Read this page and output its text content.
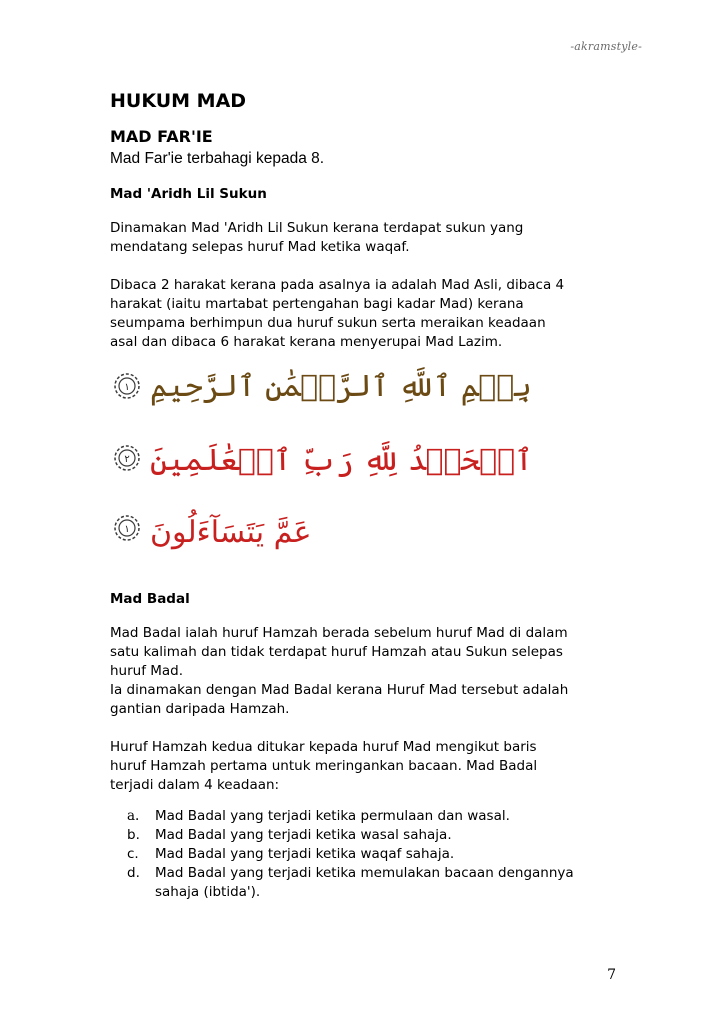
-akramstyle-
HUKUM MAD
MAD FAR'IE
Mad Far'ie terbahagi kepada 8.
Mad 'Aridh Lil Sukun
Dinamakan Mad 'Aridh Lil Sukun kerana terdapat sukun yang
mendatang selepas huruf Mad ketika waqaf.
Dibaca 2 harakat kerana pada asalnya ia adalah Mad Asli, dibaca 4
harakat (iaitu martabat pertengahan bagi kadar Mad) kerana
seumpama berhimpun dua huruf sukun serta meraikan keadaan
asal dan dibaca 6 harakat kerana menyerupai Mad Lazim.
١ بِسۡمِ ٱللَّهِ ٱلرَّحۡمَٰنِ ٱلرَّحِيمِ
٢ ٱلۡحَمۡدُ لِلَّهِ رَبِّ ٱلۡعَٰلَمِينَ
١ عَمَّ يَتَسَآءَلُونَ
Mad Badal
Mad Badal ialah huruf Hamzah berada sebelum huruf Mad di dalam
satu kalimah dan tidak terdapat huruf Hamzah atau Sukun selepas
huruf Mad.
Ia dinamakan dengan Mad Badal kerana Huruf Mad tersebut adalah
gantian daripada Hamzah.
Huruf Hamzah kedua ditukar kepada huruf Mad mengikut baris
huruf Hamzah pertama untuk meringankan bacaan. Mad Badal
terjadi dalam 4 keadaan:
a.	Mad Badal yang terjadi ketika permulaan dan wasal.
b.	Mad Badal yang terjadi ketika wasal sahaja.
c.	Mad Badal yang terjadi ketika waqaf sahaja.
d.	Mad Badal yang terjadi ketika memulakan bacaan dengannya
sahaja (ibtida').
7
